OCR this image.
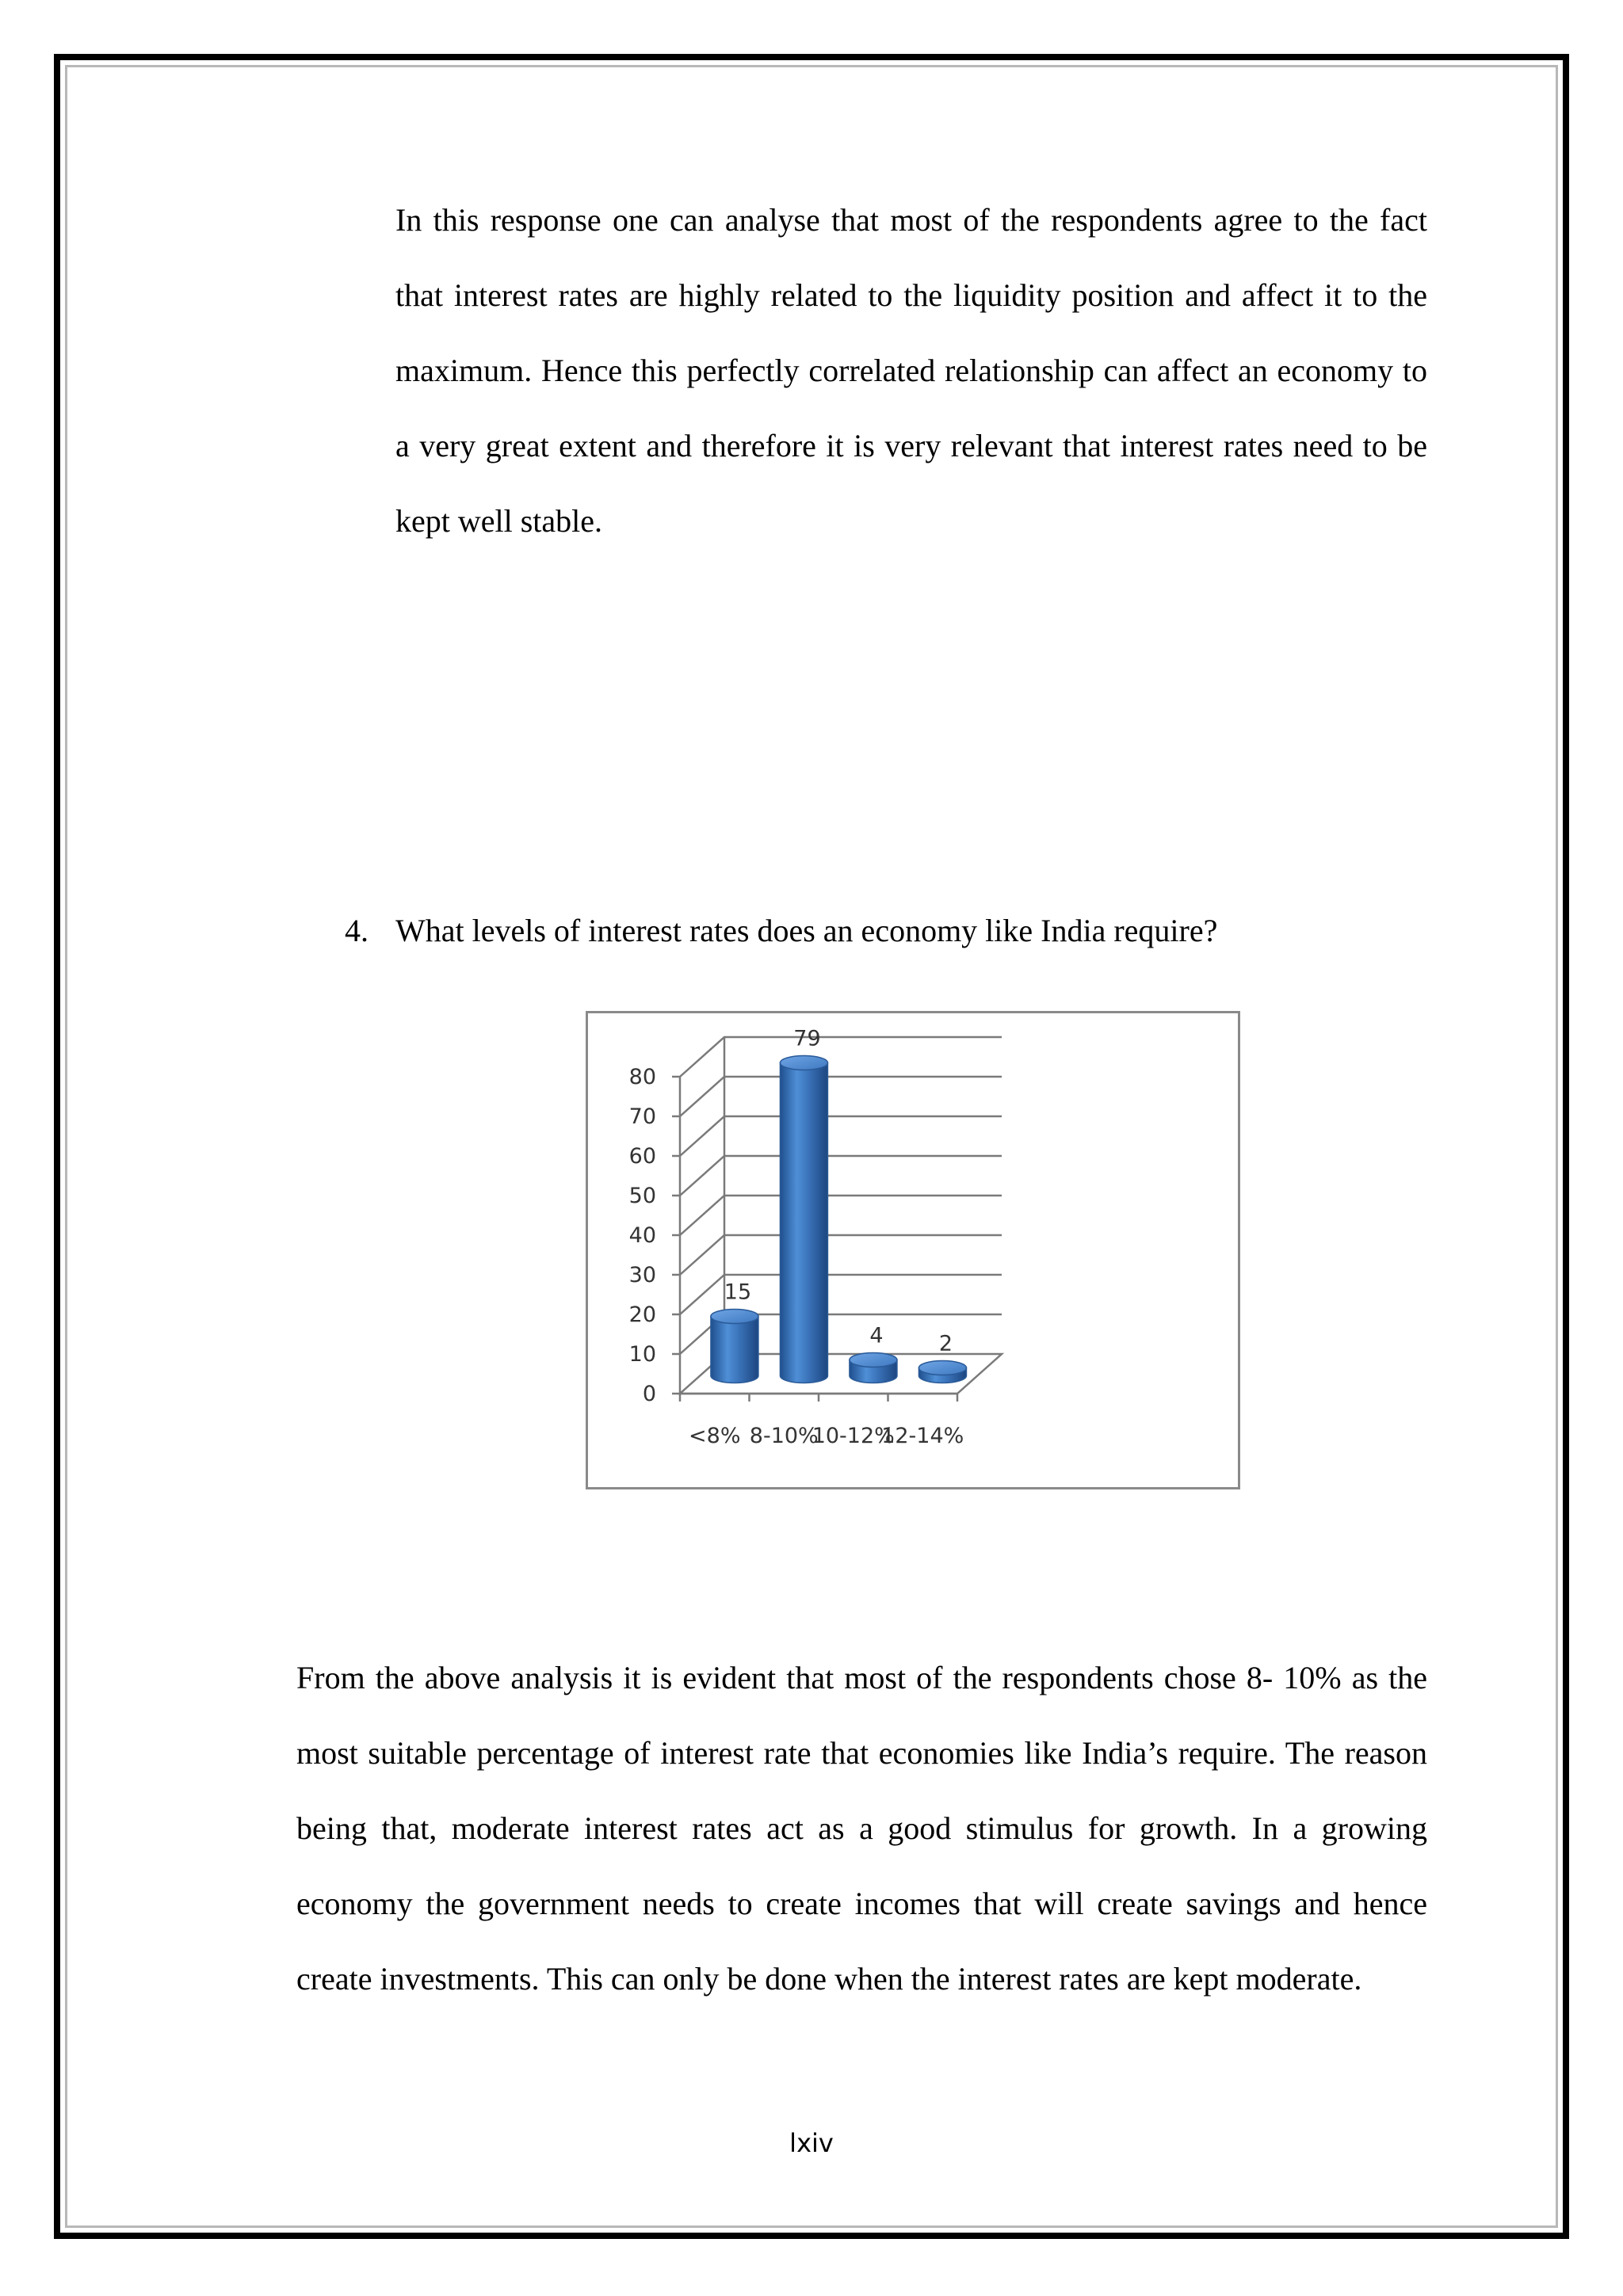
In this response one can analyse that most of the respondents agree to the fact that interest rates are highly related to the liquidity position and affect it to the maximum. Hence this perfectly correlated relationship can affect an economy to a very great extent and therefore it is very relevant that interest rates need to be kept well stable.

4. What levels of interest rates does an economy like India require?

0
10
20
30
40
50
60
70
80
15
<8%
79
8-10%
4
10-12%
2
12-14%

From the above analysis it is evident that most of the respondents chose 8- 10% as the most suitable percentage of interest rate that economies like India’s require. The reason being that, moderate interest rates act as a good stimulus for growth. In a growing economy the government needs to create incomes that will create savings and hence create investments. This can only be done when the interest rates are kept moderate.

lxiv
